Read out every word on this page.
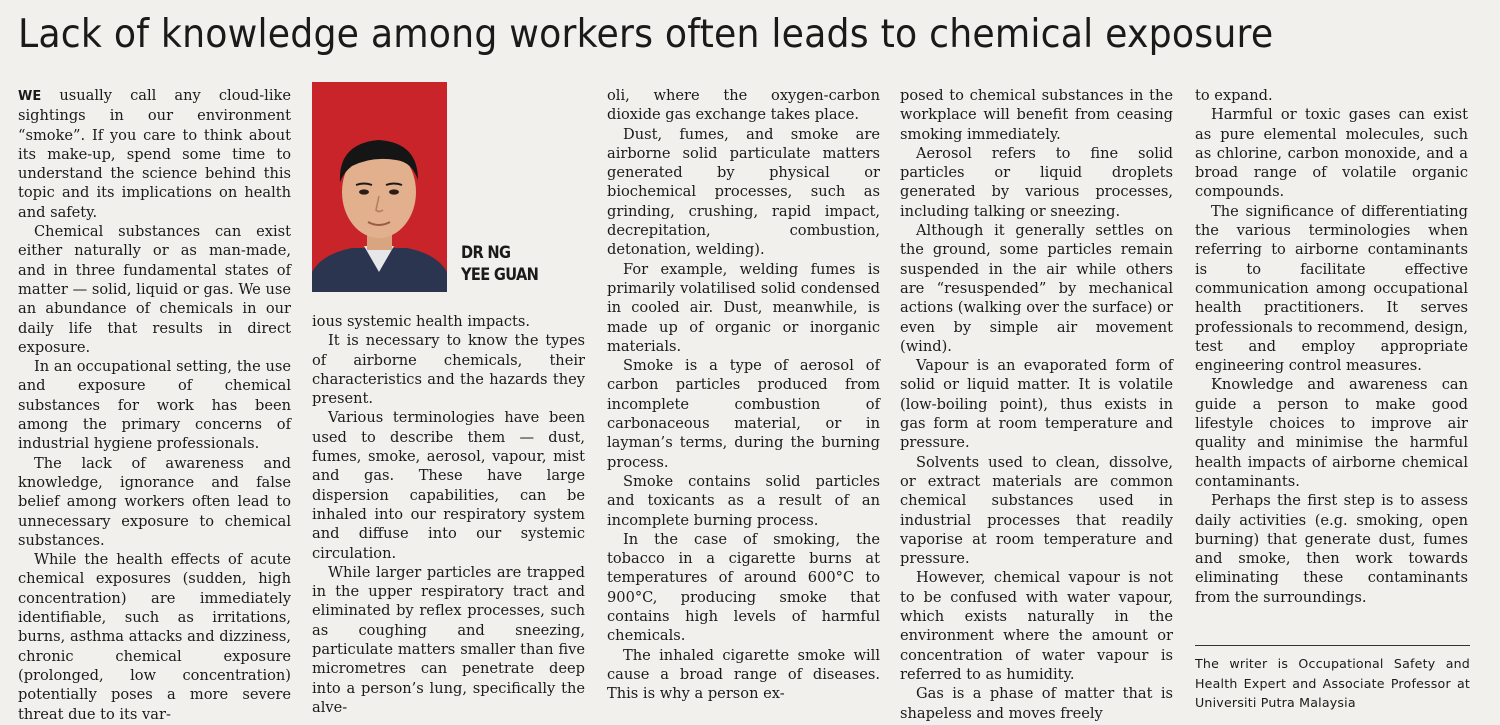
Lack of knowledge among workers often leads to chemical exposure
DR NG
YEE GUAN

WE usually call any cloud-like sightings in our environment “smoke”. If you care to think about its make-up, spend some time to understand the science behind this topic and its implications on health and safety.

Chemical substances can exist either naturally or as man-made, and in three fundamental states of matter — solid, liquid or gas. We use an abundance of chemicals in our daily life that results in direct exposure.

In an occupational setting, the use and exposure of chemical substances for work has been among the primary concerns of industrial hygiene professionals.

The lack of awareness and knowledge, ignorance and false belief among workers often lead to unnecessary exposure to chemical substances.

While the health effects of acute chemical exposures (sudden, high concentration) are immediately identifiable, such as irritations, burns, asthma attacks and dizziness, chronic chemical exposure (prolonged, low concentration) potentially poses a more severe threat due to its var-

ious systemic health impacts.

It is necessary to know the types of airborne chemicals, their characteristics and the hazards they present.

Various terminologies have been used to describe them — dust, fumes, smoke, aerosol, vapour, mist and gas. These have large dispersion capabilities, can be inhaled into our respiratory system and diffuse into our systemic circulation.

While larger particles are trapped in the upper respiratory tract and eliminated by reflex processes, such as coughing and sneezing, particulate matters smaller than five micrometres can penetrate deep into a person’s lung, specifically the alve-

oli, where the oxygen-carbon dioxide gas exchange takes place.

Dust, fumes, and smoke are airborne solid particulate matters generated by physical or biochemical processes, such as grinding, crushing, rapid impact, decrepitation, combustion, detonation, welding).

For example, welding fumes is primarily volatilised solid condensed in cooled air. Dust, meanwhile, is made up of organic or inorganic materials.

Smoke is a type of aerosol of carbon particles produced from incomplete combustion of carbonaceous material, or in layman’s terms, during the burning process.

Smoke contains solid particles and toxicants as a result of an incomplete burning process.

In the case of smoking, the tobacco in a cigarette burns at temperatures of around 600°C to 900°C, producing smoke that contains high levels of harmful chemicals.

The inhaled cigarette smoke will cause a broad range of diseases. This is why a person ex-

posed to chemical substances in the workplace will benefit from ceasing smoking immediately.

Aerosol refers to fine solid particles or liquid droplets generated by various processes, including talking or sneezing.

Although it generally settles on the ground, some particles remain suspended in the air while others are “resuspended” by mechanical actions (walking over the surface) or even by simple air movement (wind).

Vapour is an evaporated form of solid or liquid matter. It is volatile (low-boiling point), thus exists in gas form at room temperature and pressure.

Solvents used to clean, dissolve, or extract materials are common chemical substances used in industrial processes that readily vaporise at room temperature and pressure.

However, chemical vapour is not to be confused with water vapour, which exists naturally in the environment where the amount or concentration of water vapour is referred to as humidity.

Gas is a phase of matter that is shapeless and moves freely

to expand.

Harmful or toxic gases can exist as pure elemental molecules, such as chlorine, carbon monoxide, and a broad range of volatile organic compounds.

The significance of differentiating the various terminologies when referring to airborne contaminants is to facilitate effective communication among occupational health practitioners. It serves professionals to recommend, design, test and employ appropriate engineering control measures.

Knowledge and awareness can guide a person to make good lifestyle choices to improve air quality and minimise the harmful health impacts of airborne chemical contaminants.

Perhaps the first step is to assess daily activities (e.g. smoking, open burning) that generate dust, fumes and smoke, then work towards eliminating these contaminants from the surroundings.

The writer is Occupational Safety and Health Expert and Associate Professor at Universiti Putra Malaysia
